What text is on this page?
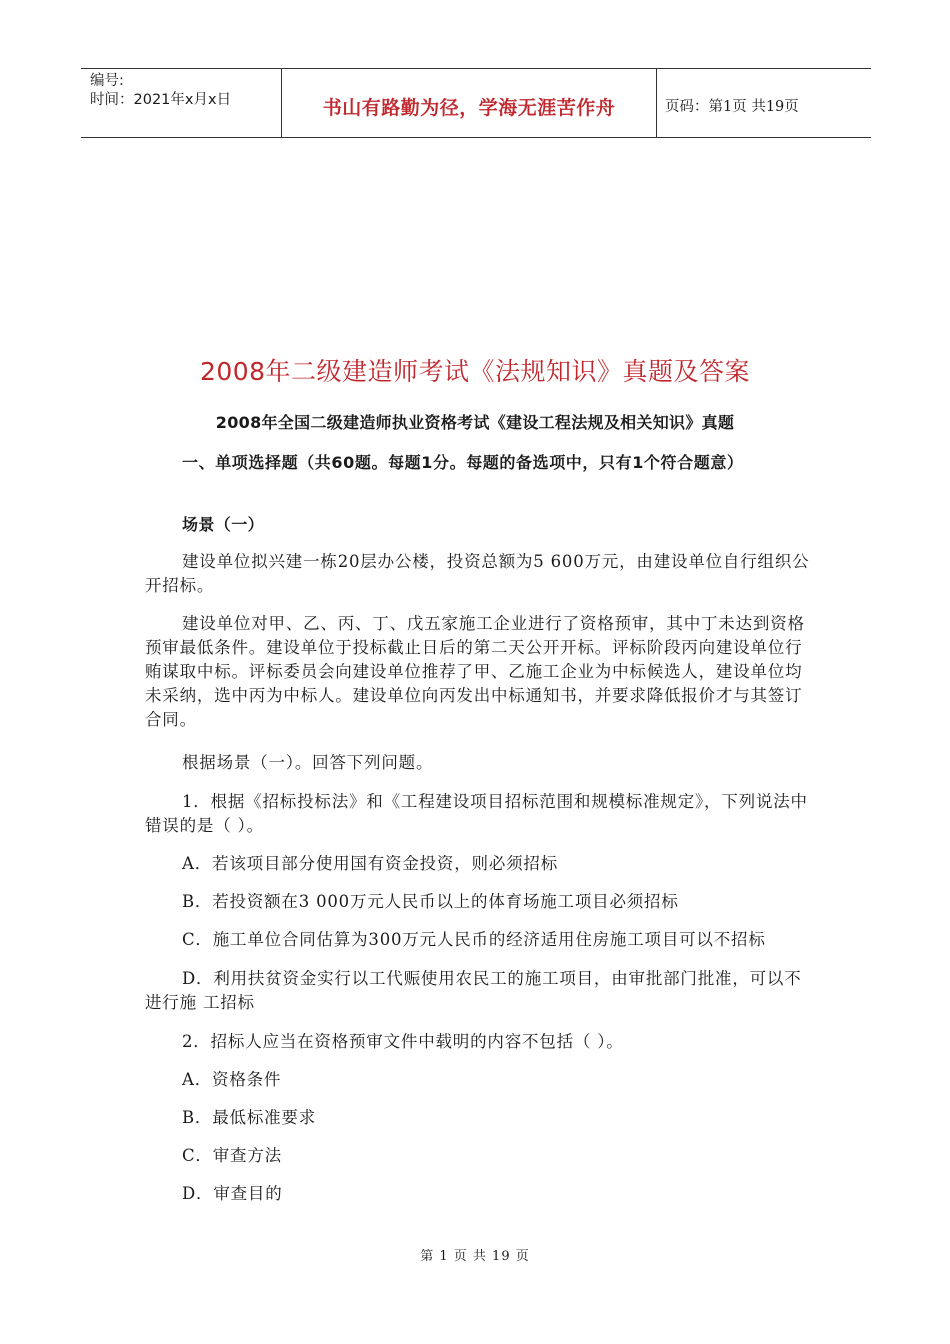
编号:
时间：2021年x月x日	书山有路勤为径，学海无涯苦作舟	页码：第1页 共19页
2008年二级建造师考试《法规知识》真题及答案
2008年全国二级建造师执业资格考试《建设工程法规及相关知识》真题
一、单项选择题（共60题。每题1分。每题的备选项中，只有1个符合题意）
场景（一）
建设单位拟兴建一栋20层办公楼，投资总额为5 600万元，由建设单位自行组织公开招标。
建设单位对甲、乙、丙、丁、戊五家施工企业进行了资格预审，其中丁未达到资格预审最低条件。建设单位于投标截止日后的第二天公开开标。评标阶段丙向建设单位行贿谋取中标。评标委员会向建设单位推荐了甲、乙施工企业为中标候选人，建设单位均未采纳，选中丙为中标人。建设单位向丙发出中标通知书，并要求降低报价才与其签订合同。
根据场景（一）。回答下列问题。
1．根据《招标投标法》和《工程建设项目招标范围和规模标准规定》，下列说法中错误的是（ ）。
A．若该项目部分使用国有资金投资，则必须招标
B．若投资额在3 000万元人民币以上的体育场施工项目必须招标
C．施工单位合同估算为300万元人民币的经济适用住房施工项目可以不招标
D．利用扶贫资金实行以工代赈使用农民工的施工项目，由审批部门批准，可以不进行施 工招标
2．招标人应当在资格预审文件中载明的内容不包括（ ）。
A．资格条件
B．最低标准要求
C．审查方法
D．审查目的
第 1 页 共 19 页
